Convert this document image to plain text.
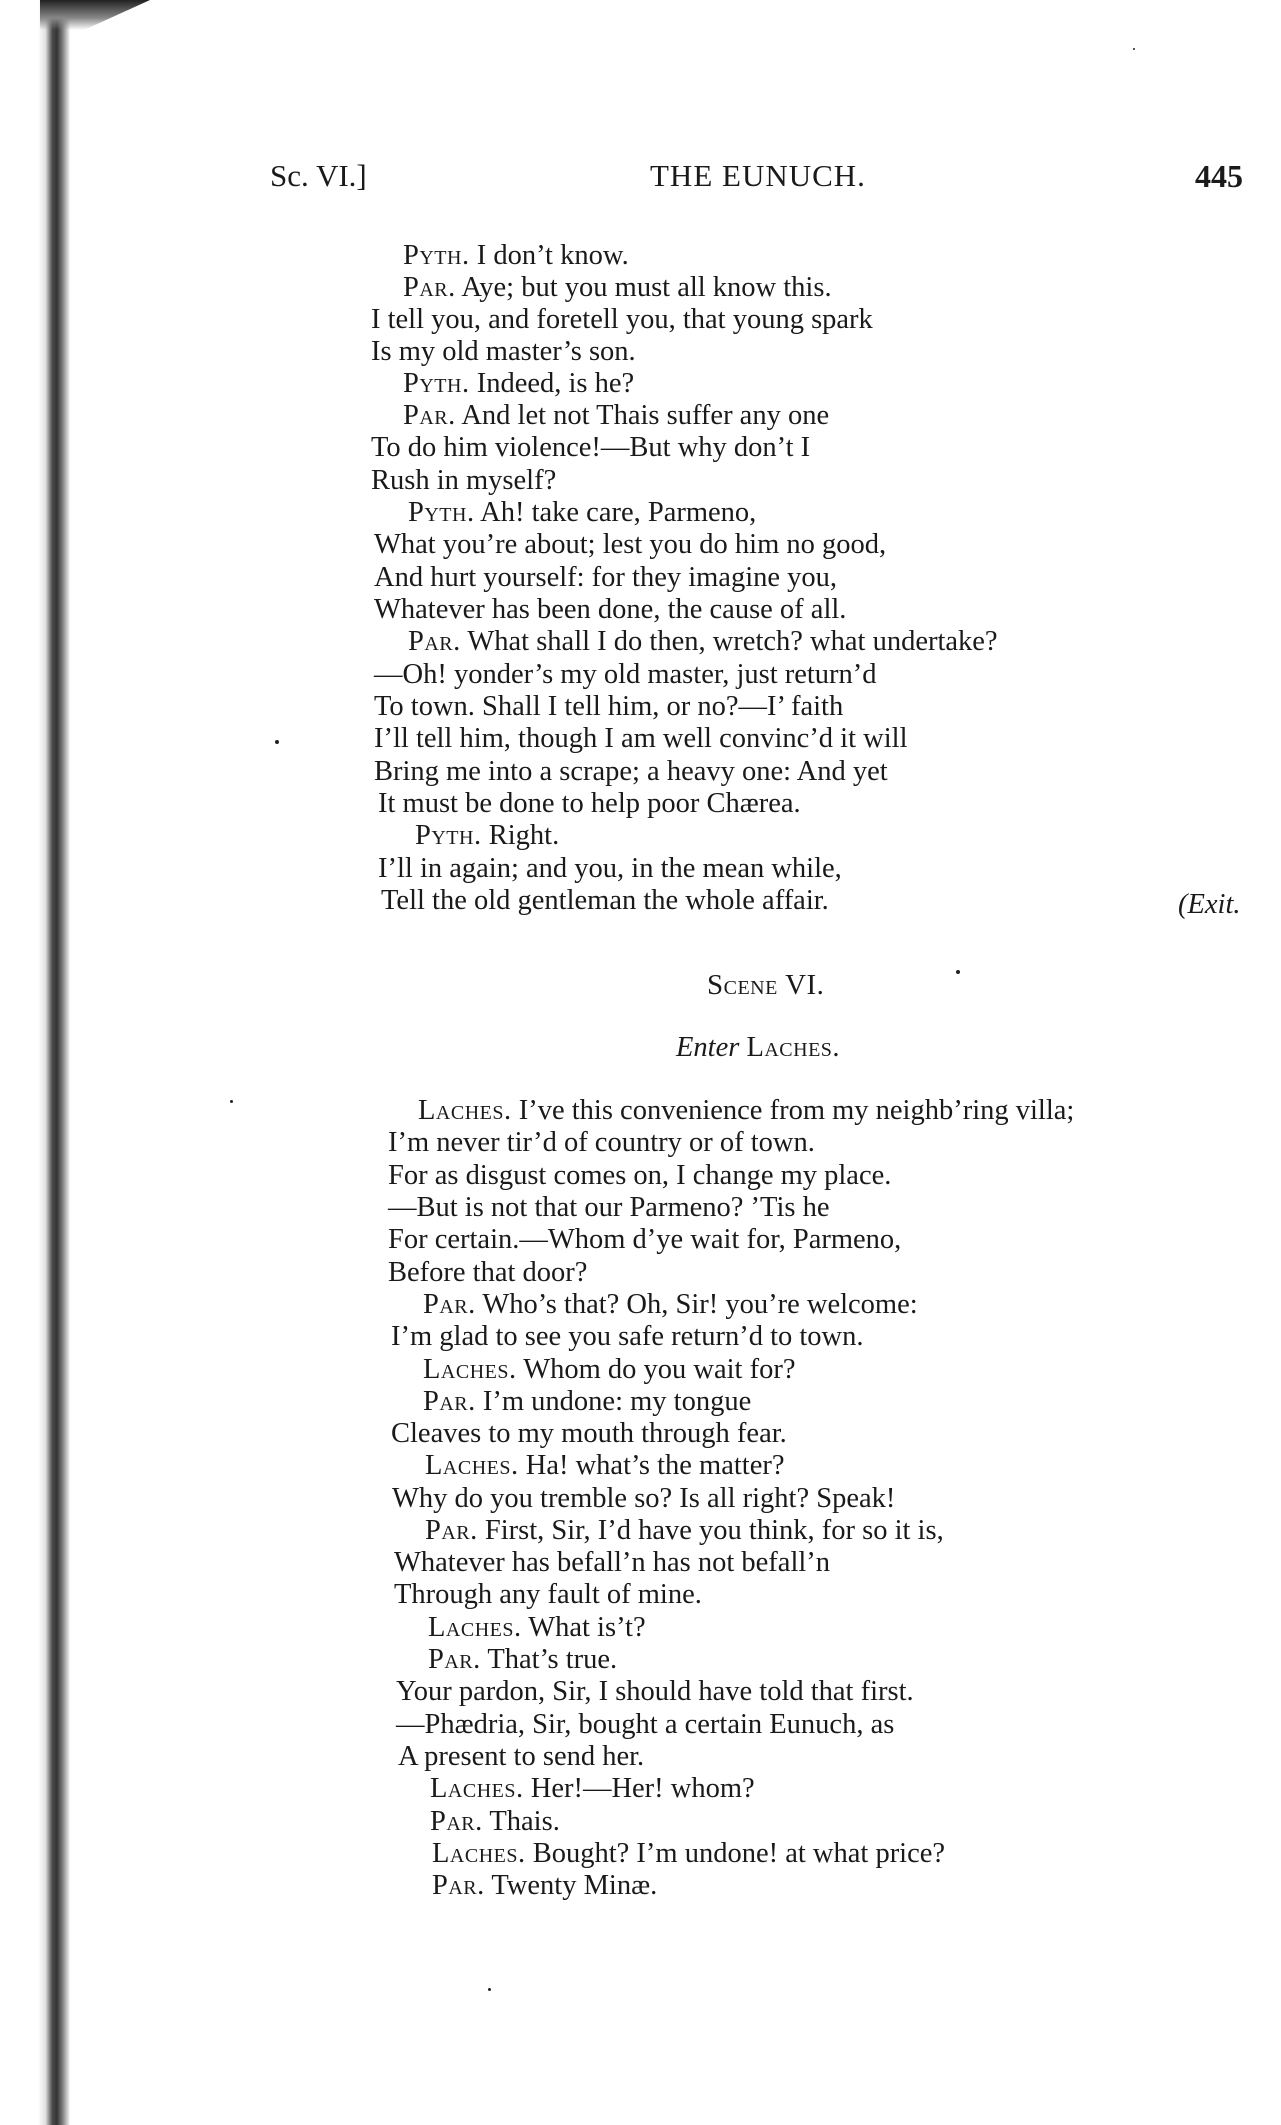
Sc. VI.]	THE EUNUCH.	445
Pyth. I don’t know.
Par. Aye; but you must all know this.
I tell you, and foretell you, that young spark
Is my old master’s son.
Pyth. Indeed, is he?
Par. And let not Thais suffer any one
To do him violence!—But why don’t I
Rush in myself?
Pyth. Ah! take care, Parmeno,
What you’re about; lest you do him no good,
And hurt yourself: for they imagine you,
Whatever has been done, the cause of all.
Par. What shall I do then, wretch? what undertake?
—Oh! yonder’s my old master, just return’d
To town. Shall I tell him, or no?—I’ faith
I’ll tell him, though I am well convinc’d it will
Bring me into a scrape; a heavy one: And yet
It must be done to help poor Chærea.
Pyth. Right.
I’ll in again; and you, in the mean while,
Tell the old gentleman the whole affair.	(Exit.
Scene VI.
Enter Laches.
Laches. I’ve this convenience from my neighb’ring villa;
I’m never tir’d of country or of town.
For as disgust comes on, I change my place.
—But is not that our Parmeno? ’Tis he
For certain.—Whom d’ye wait for, Parmeno,
Before that door?
Par. Who’s that? Oh, Sir! you’re welcome:
I’m glad to see you safe return’d to town.
Laches. Whom do you wait for?
Par. I’m undone: my tongue
Cleaves to my mouth through fear.
Laches. Ha! what’s the matter?
Why do you tremble so? Is all right? Speak!
Par. First, Sir, I’d have you think, for so it is,
Whatever has befall’n has not befall’n
Through any fault of mine.
Laches. What is’t?
Par. That’s true.
Your pardon, Sir, I should have told that first.
—Phædria, Sir, bought a certain Eunuch, as
A present to send her.
Laches. Her!—Her! whom?
Par. Thais.
Laches. Bought? I’m undone! at what price?
Par. Twenty Minæ.
